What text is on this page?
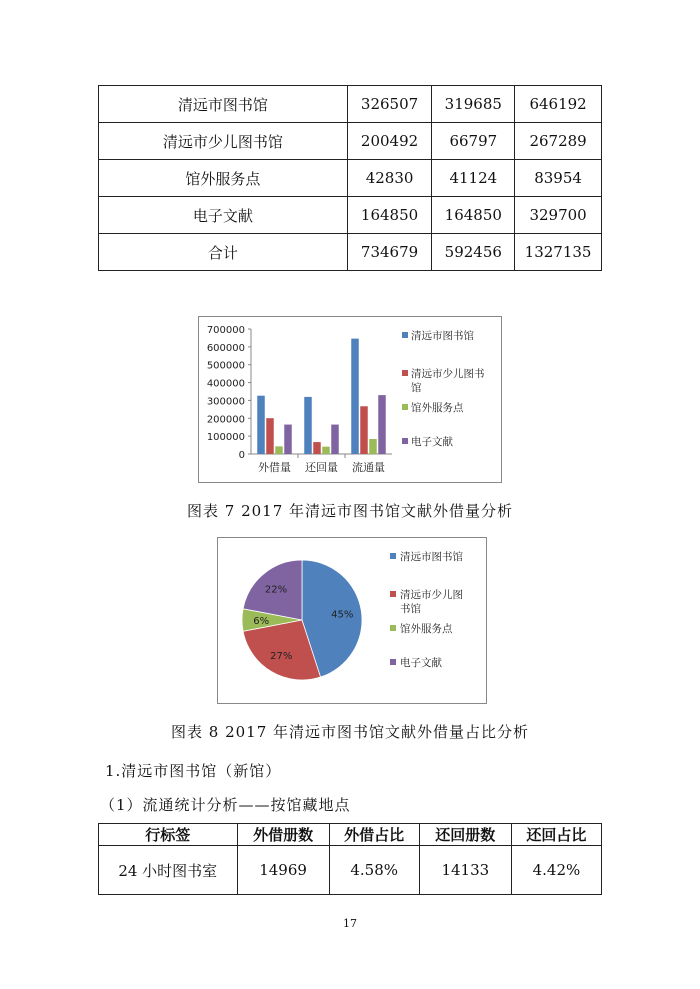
清远市图书馆	326507	319685	646192
清远市少儿图书馆	200492	66797	267289
馆外服务点	42830	41124	83954
电子文献	164850	164850	329700
合计	734679	592456	1327135
0
100000
200000
300000
400000
500000
600000
700000
外借量 还回量 流通量
清远市图书馆
清远市少儿图书馆
馆外服务点
电子文献
图表 7 2017 年清远市图书馆文献外借量分析
45%
27%
6%
22%
清远市图书馆
清远市少儿图书馆
馆外服务点
电子文献
图表 8 2017 年清远市图书馆文献外借量占比分析
1.清远市图书馆（新馆）
（1）流通统计分析——按馆藏地点
行标签	外借册数	外借占比	还回册数	还回占比
24 小时图书室	14969	4.58%	14133	4.42%
17
